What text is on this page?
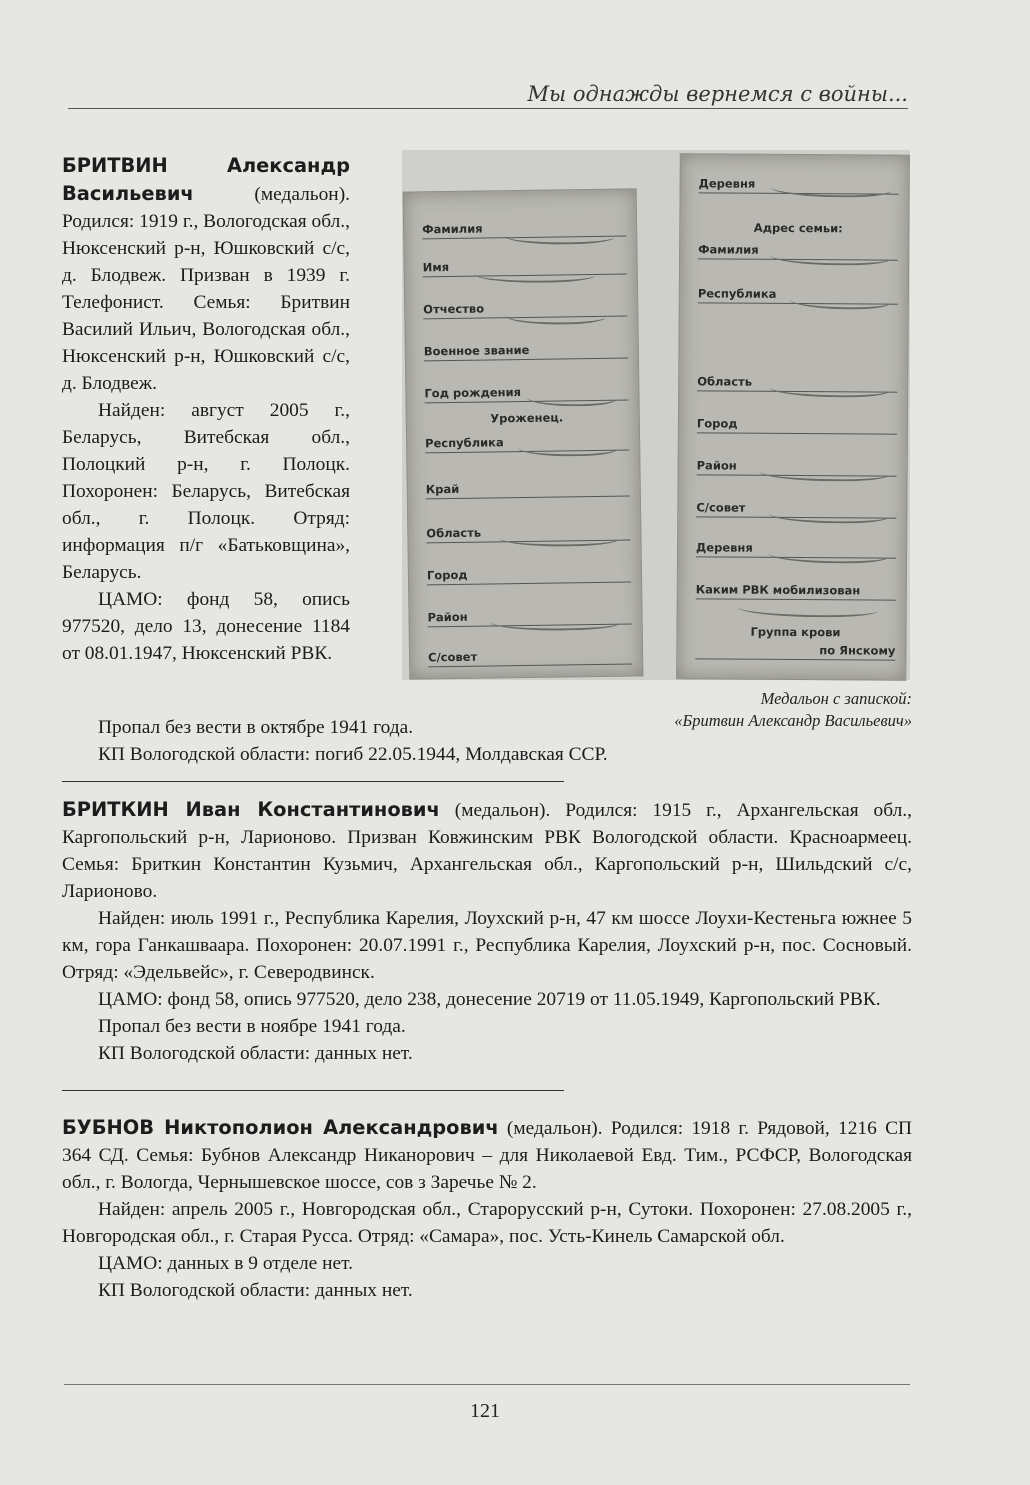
Мы однажды вернемся с войны...

БРИТВИН Александр Васильевич	(медальон). Родился: 1919 г., Вологодская обл., Нюксенский р-н, Юшковский с/с, д. Блодвеж. Призван в 1939 г. Телефонист. Семья: Бритвин Василий Ильич, Вологодская обл., Нюксенский р-н, Юшковский с/с, д. Блодвеж.

Найден: август 2005 г., Беларусь, Витебская обл., Полоцкий р-н, г. Полоцк. Похоронен: Беларусь, Витебская обл., г. Полоцк. Отряд: информация п/г «Батьковщина», Беларусь.

ЦАМО: фонд 58, опись 977520, дело 13, донесение 1184 от 08.01.1947, Нюксенский РВК.

Фамилия
Имя
Отчество
Военное звание
Год рождения
Уроженец.
Республика
Край
Область
Город
Район
С/совет
Деревня
Адрес семьи:
Фамилия
Республика
Область
Город
Район
С/совет
Деревня
Каким РВК мобилизован
Группа крови
по Янскому
Медальон с запиской:
«Бритвин Александр Васильевич»

Пропал без вести в октябре 1941 года.

КП Вологодской области: погиб 22.05.1944, Молдавская ССР.

БРИТКИН Иван Константинович (медальон). Родился: 1915 г., Архангельская обл., Каргопольский р-н, Ларионово. Призван Ковжинским РВК Вологодской области. Красноармеец. Семья: Бриткин Константин Кузьмич, Архангельская обл., Каргопольский р-н, Шильдский с/с, Ларионово.

Найден: июль 1991 г., Республика Карелия, Лоухский р-н, 47 км шоссе Лоухи-Кестеньга южнее 5 км, гора Ганкашваара. Похоронен: 20.07.1991 г., Республика Карелия, Лоухский р-н, пос. Сосновый. Отряд: «Эдельвейс», г. Северодвинск.

ЦАМО: фонд 58, опись 977520, дело 238, донесение 20719 от 11.05.1949, Каргопольский РВК.

Пропал без вести в ноябре 1941 года.

КП Вологодской области: данных нет.

БУБНОВ Никтополион Александрович (медальон). Родился: 1918 г. Рядовой, 1216 СП 364 СД. Семья: Бубнов Александр Никанорович – для Николаевой Евд. Тим., РСФСР, Вологодская обл., г. Вологда, Чернышевское шоссе, сов з Заречье № 2.

Найден: апрель 2005 г., Новгородская обл., Старорусский р-н, Сутоки. Похоронен: 27.08.2005 г., Новгородская обл., г. Старая Русса. Отряд: «Самара», пос. Усть-Кинель Самарской обл.

ЦАМО: данных в 9 отделе нет.

КП Вологодской области: данных нет.

121
